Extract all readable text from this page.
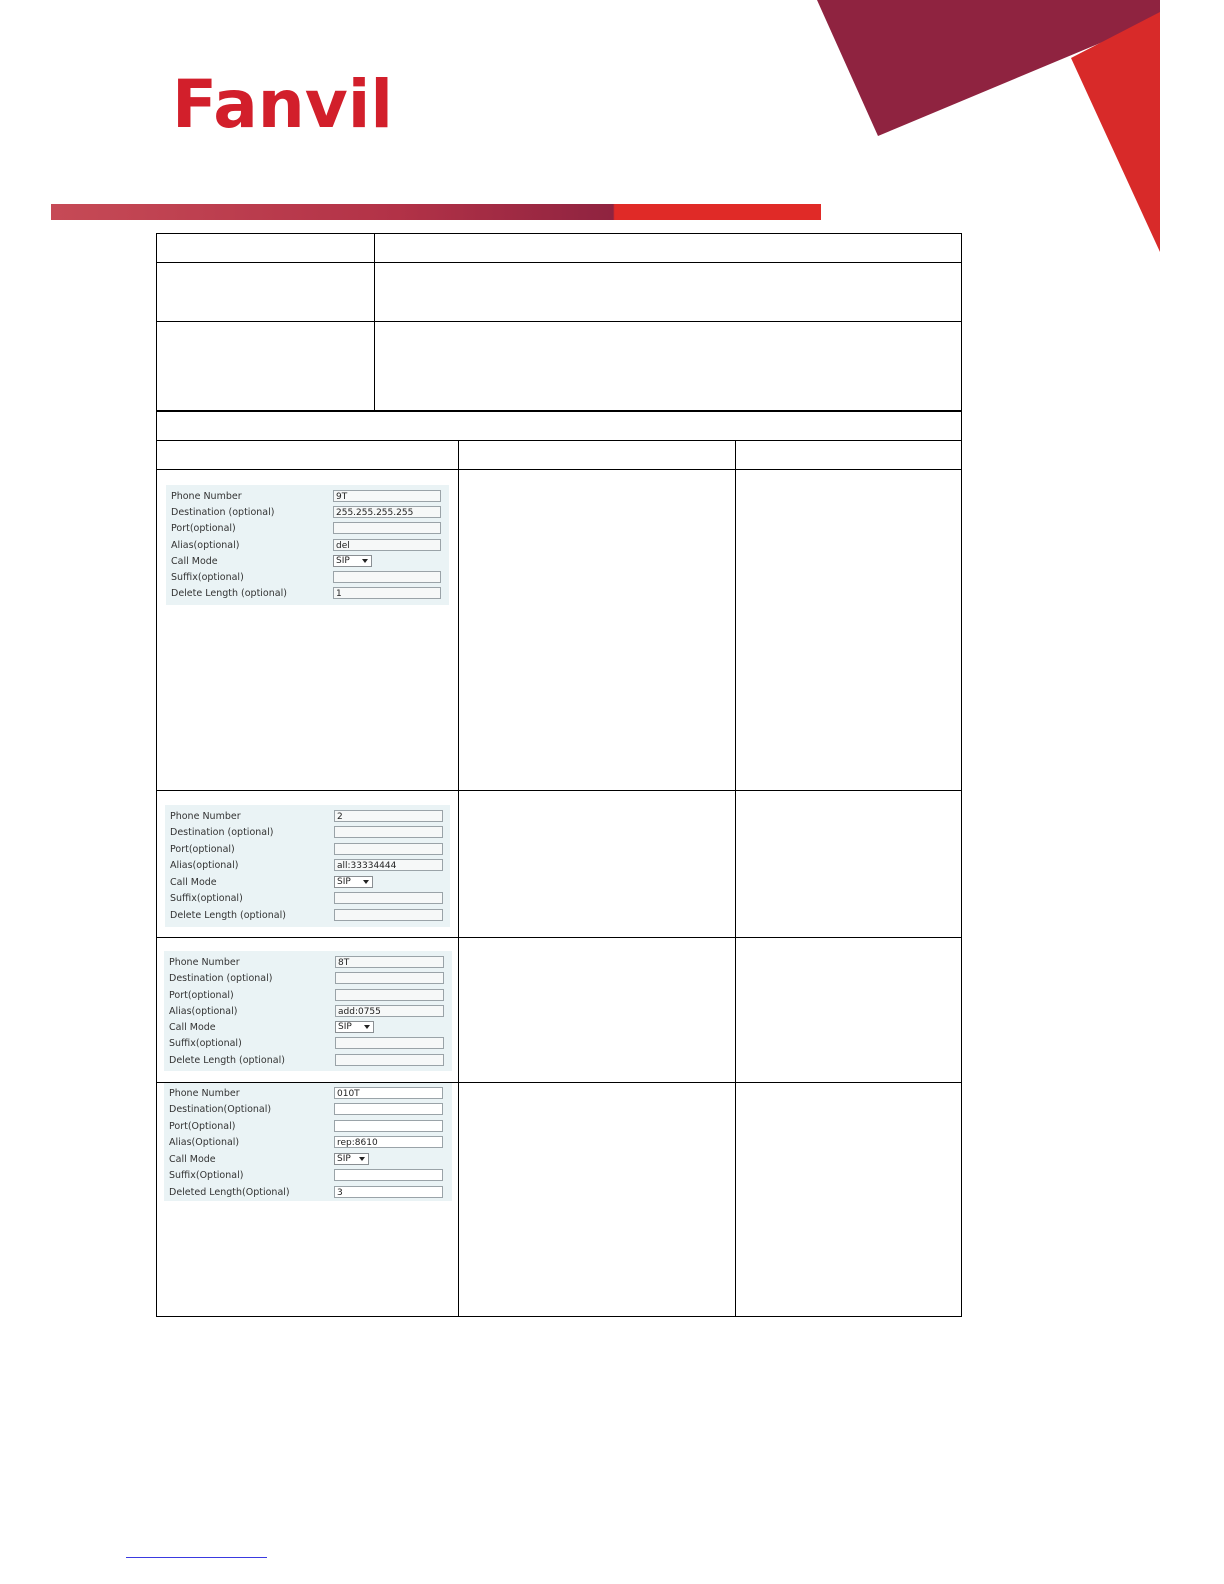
Fanvil
Phone Number	9T
Destination (optional)	255.255.255.255
Port(optional)
Alias(optional)	del
Call Mode	SIP
Suffix(optional)
Delete Length (optional)	1
Phone Number	2
Destination (optional)
Port(optional)
Alias(optional)	all:33334444
Call Mode	SIP
Suffix(optional)
Delete Length (optional)
Phone Number	8T
Destination (optional)
Port(optional)
Alias(optional)	add:0755
Call Mode	SIP
Suffix(optional)
Delete Length (optional)
Phone Number	010T
Destination(Optional)
Port(Optional)
Alias(Optional)	rep:8610
Call Mode	SIP
Suffix(Optional)
Deleted Length(Optional)	3
